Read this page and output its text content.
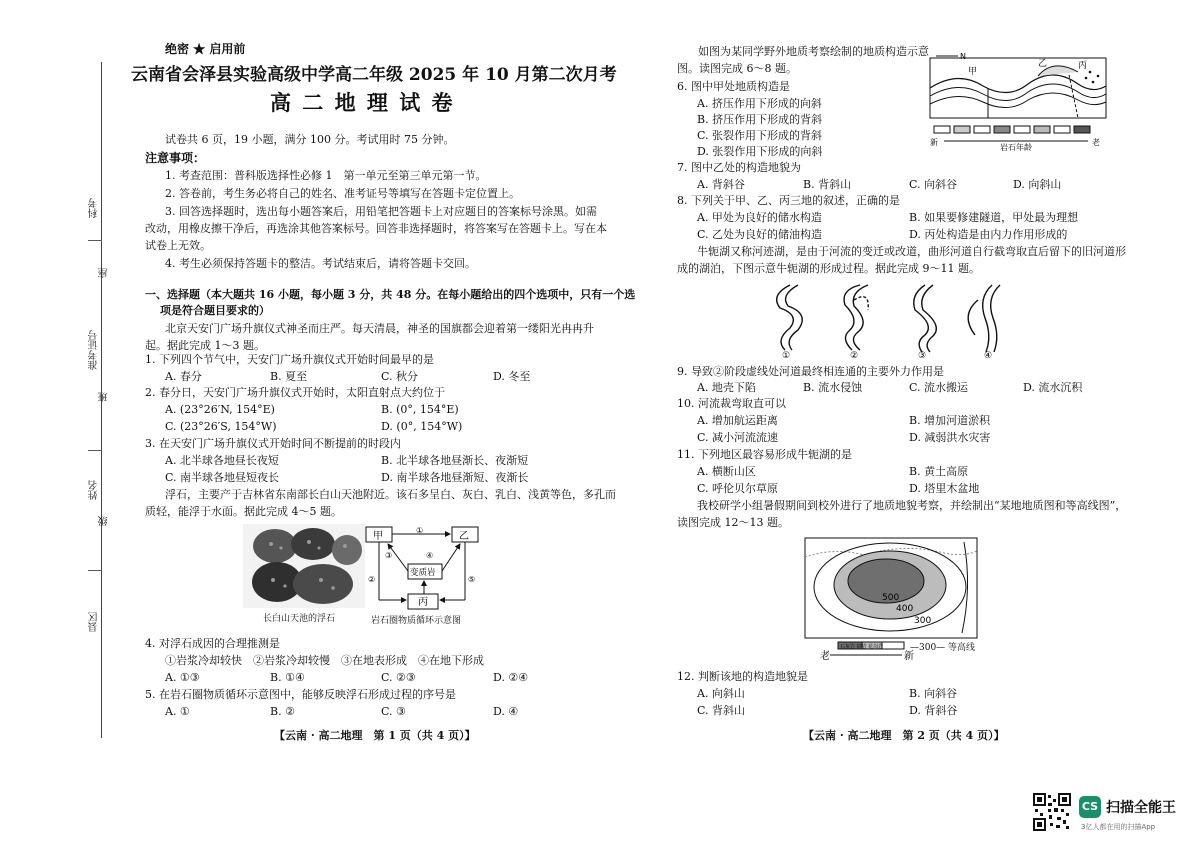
科考
座
准考证号
班
姓名
级
县区
绝密 ★ 启用前
云南省会泽县实验高级中学高二年级 2025 年 10 月第二次月考
高 二 地 理 试 卷
试卷共 6 页，19 小题，满分 100 分。考试用时 75 分钟。
注意事项：
1. 考查范围：普科版选择性必修 1　第一单元至第三单元第一节。
2. 答卷前，考生务必将自己的姓名、准考证号等填写在答题卡定位置上。
3. 回答选择题时，选出每小题答案后，用铅笔把答题卡上对应题目的答案标号涂黑。如需
改动，用橡皮擦干净后，再选涂其他答案标号。回答非选择题时，将答案写在答题卡上。写在本
试卷上无效。
4. 考生必须保持答题卡的整洁。考试结束后，请将答题卡交回。
一、选择题（本大题共 16 小题，每小题 3 分，共 48 分。在每小题给出的四个选项中，只有一个选
项是符合题目要求的）
北京天安门广场升旗仪式神圣而庄严。每天清晨，神圣的国旗都会迎着第一缕阳光冉冉升
起。据此完成 1～3 题。
1. 下列四个节气中，天安门广场升旗仪式开始时间最早的是
A. 春分	B. 夏至	C. 秋分	D. 冬至
2. 春分日，天安门广场升旗仪式开始时，太阳直射点大约位于
A. (23°26′N, 154°E)	B. (0°, 154°E)
C. (23°26′S, 154°W)	D. (0°, 154°W)
3. 在天安门广场升旗仪式开始时间不断提前的时段内
A. 北半球各地昼长夜短	B. 北半球各地昼渐长、夜渐短
C. 南半球各地昼短夜长	D. 南半球各地昼渐短、夜渐长
浮石，主要产于吉林省东南部长白山天池附近。该石多呈白、灰白、乳白、浅黄等色，多孔而
质轻，能浮于水面。据此完成 4～5 题。
长白山天池的浮石
甲	乙
变质岩
丙
①
②
③	④
⑤
岩石圈物质循环示意图
4. 对浮石成因的合理推测是
①岩浆冷却较快　②岩浆冷却较慢　③在地表形成　④在地下形成
A. ①③	B. ①④	C. ②③	D. ②④
5. 在岩石圈物质循环示意图中，能够反映浮石形成过程的序号是
A. ①	B. ②	C. ③	D. ④
【云南 · 高二地理　第 1 页（共 4 页）】
如图为某同学野外地质考察绘制的地质构造示意
图。读图完成 6～8 题。
N
甲
乙	丙
新	老
岩石年龄
6. 图中甲处地质构造是
A. 挤压作用下形成的向斜
B. 挤压作用下形成的背斜
C. 张裂作用下形成的背斜
D. 张裂作用下形成的向斜
7. 图中乙处的构造地貌为
A. 背斜谷	B. 背斜山	C. 向斜谷	D. 向斜山
8. 下列关于甲、乙、丙三地的叙述，正确的是
A. 甲处为良好的储水构造	B. 如果要修建隧道，甲处最为理想
C. 乙处为良好的储油构造	D. 丙处构造是由内力作用形成的
牛轭湖又称河迹湖，是由于河流的变迁或改道，曲形河道自行截弯取直后留下的旧河道形
成的湖泊，下图示意牛轭湖的形成过程。据此完成 9～11 题。
①	②	③	④
9. 导致②阶段虚线处河道最终相连通的主要外力作用是
A. 地壳下陷	B. 流水侵蚀	C. 流水搬运	D. 流水沉积
10. 河流裁弯取直可以
A. 增加航运距离	B. 增加河道淤积
C. 减小河流流速	D. 减弱洪水灾害
11. 下列地区最容易形成牛轭湖的是
A. 横断山区	B. 黄土高原
C. 呼伦贝尔草原	D. 塔里木盆地
我校研学小组暑假期间到校外进行了地质地貌考察，并绘制出“某地地质图和等高线图”，
读图完成 12～13 题。
500
400
300
石灰岩 砂岩 花岗岩
老	新
—300— 等高线
12. 判断该地的构造地貌是
A. 向斜山	B. 向斜谷
C. 背斜山	D. 背斜谷
【云南 · 高二地理　第 2 页（共 4 页）】
CS 扫描全能王
3亿人都在用的扫描App
